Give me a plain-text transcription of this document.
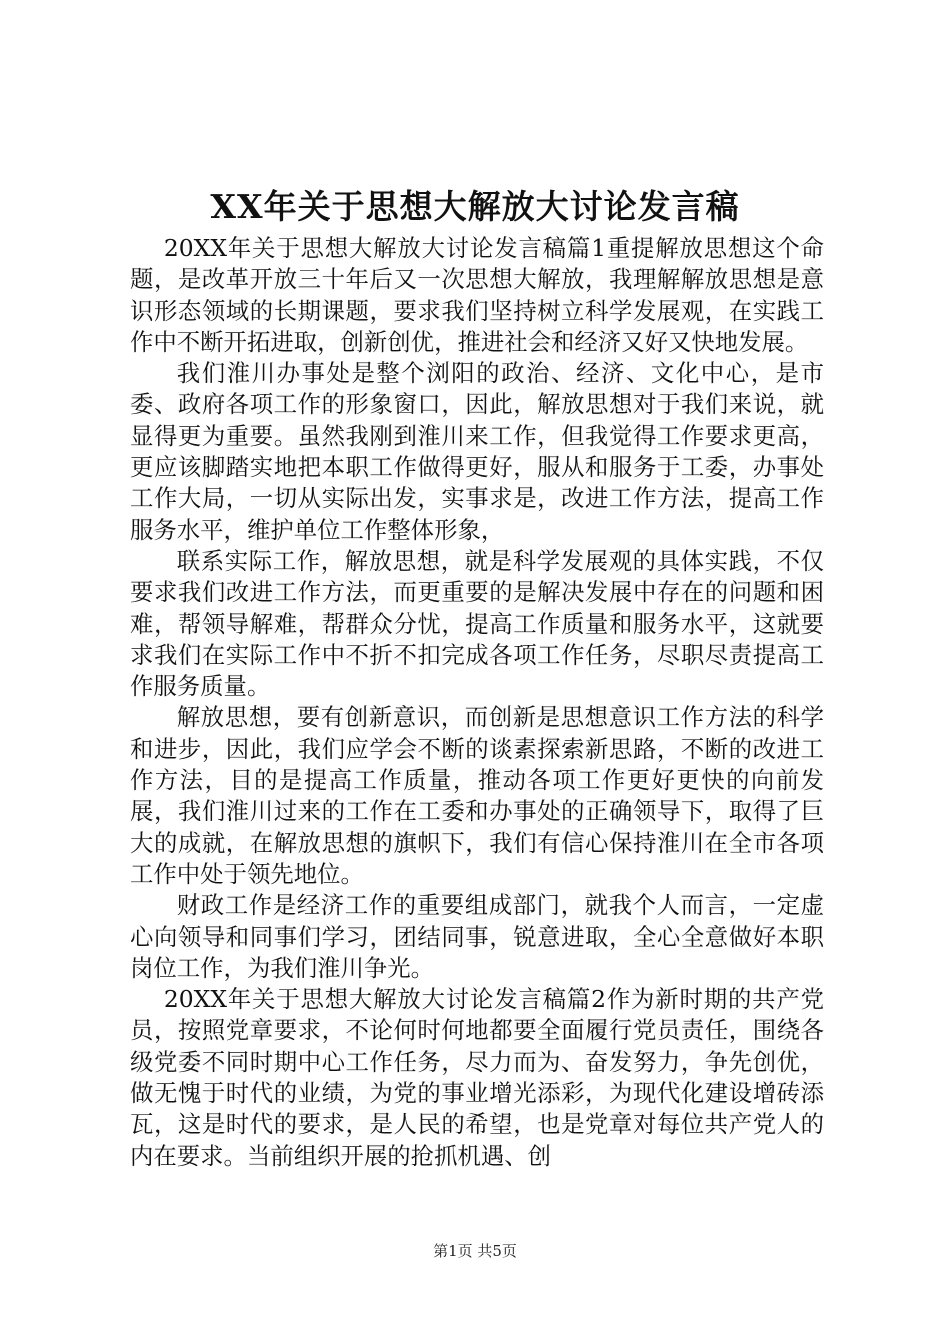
XX年关于思想大解放大讨论发言稿

20XX年关于思想大解放大讨论发言稿篇1重提解放思想这个命题，是改革开放三十年后又一次思想大解放，我理解解放思想是意识形态领域的长期课题，要求我们坚持树立科学发展观，在实践工作中不断开拓进取，创新创优，推进社会和经济又好又快地发展。

我们淮川办事处是整个浏阳的政治、经济、文化中心，是市委、政府各项工作的形象窗口，因此，解放思想对于我们来说，就显得更为重要。虽然我刚到淮川来工作，但我觉得工作要求更高，更应该脚踏实地把本职工作做得更好，服从和服务于工委，办事处工作大局，一切从实际出发，实事求是，改进工作方法，提高工作服务水平，维护单位工作整体形象，

联系实际工作，解放思想，就是科学发展观的具体实践，不仅要求我们改进工作方法，而更重要的是解决发展中存在的问题和困难，帮领导解难，帮群众分忧，提高工作质量和服务水平，这就要求我们在实际工作中不折不扣完成各项工作任务，尽职尽责提高工作服务质量。

解放思想，要有创新意识，而创新是思想意识工作方法的科学和进步，因此，我们应学会不断的谈素探索新思路，不断的改进工作方法，目的是提高工作质量，推动各项工作更好更快的向前发展，我们淮川过来的工作在工委和办事处的正确领导下，取得了巨大的成就，在解放思想的旗帜下，我们有信心保持淮川在全市各项工作中处于领先地位。

财政工作是经济工作的重要组成部门，就我个人而言，一定虚心向领导和同事们学习，团结同事，锐意进取，全心全意做好本职岗位工作，为我们淮川争光。

20XX年关于思想大解放大讨论发言稿篇2作为新时期的共产党员，按照党章要求，不论何时何地都要全面履行党员责任，围绕各级党委不同时期中心工作任务，尽力而为、奋发努力，争先创优，做无愧于时代的业绩，为党的事业增光添彩，为现代化建设增砖添瓦，这是时代的要求，是人民的希望，也是党章对每位共产党人的内在要求。当前组织开展的抢抓机遇、创

第1页 共5页
